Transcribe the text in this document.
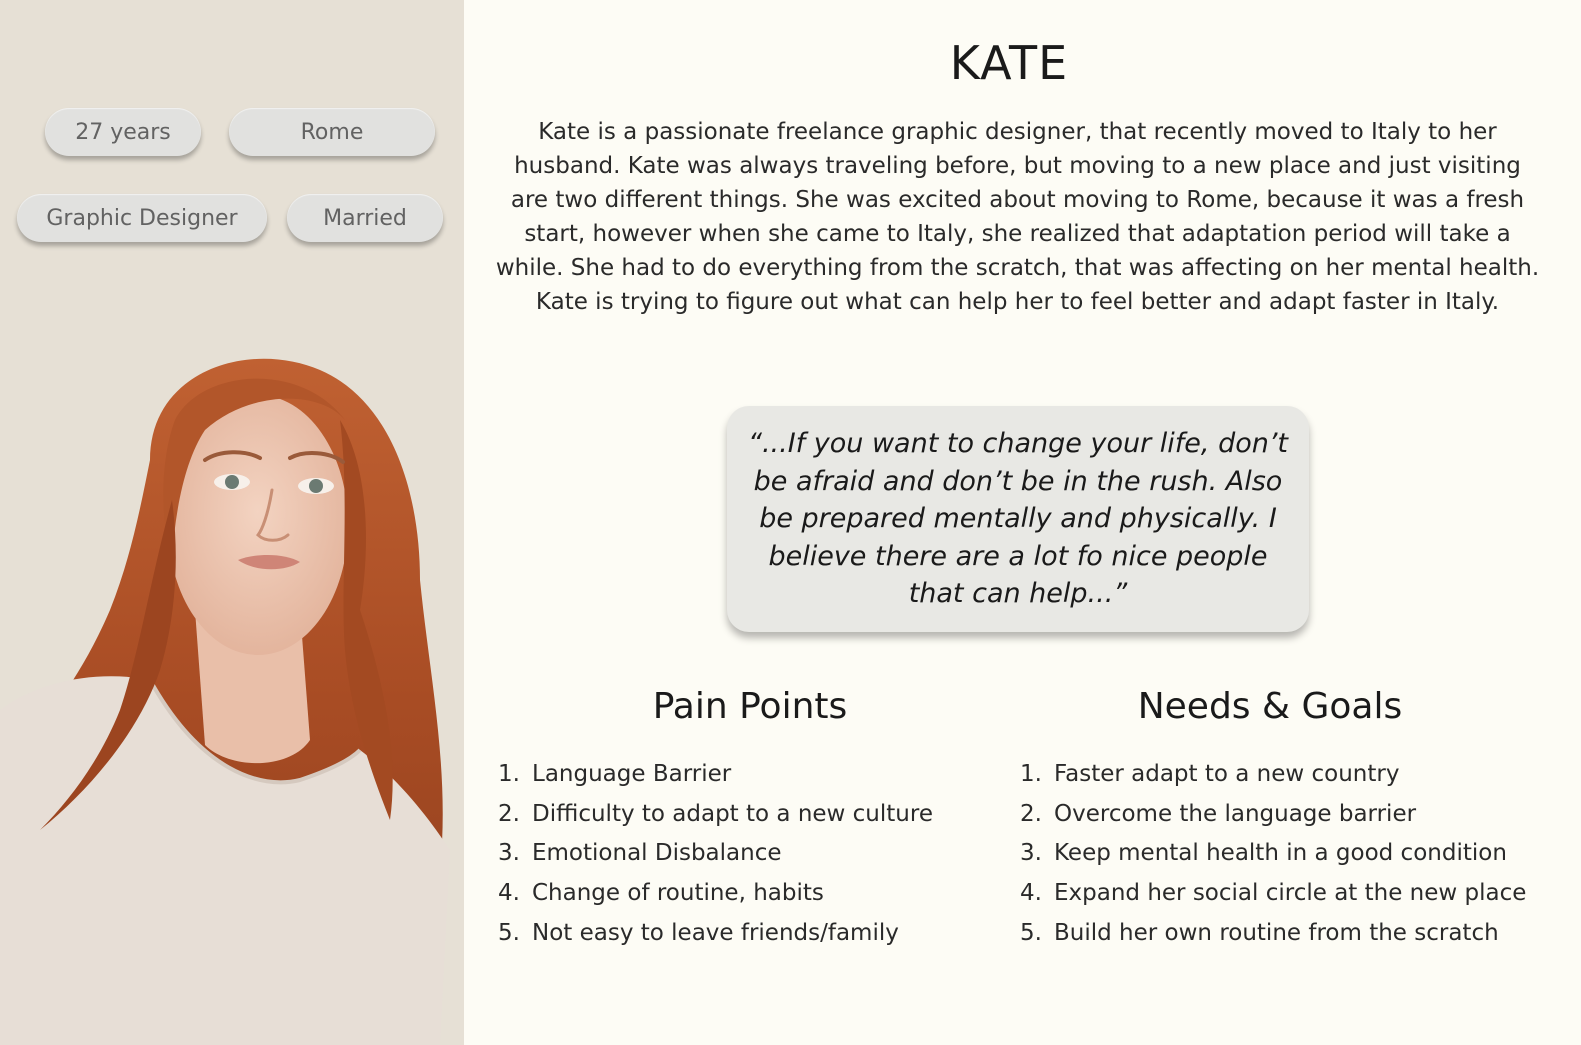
27 years	Rome
Graphic Designer	Married
KATE

Kate is a passionate freelance graphic designer, that recently moved to Italy to her husband. Kate was always traveling before, but moving to a new place and just visiting are two different things. She was excited about moving to Rome, because it was a fresh start, however when she came to Italy, she realized that adaptation period will take a while. She had to do everything from the scratch, that was affecting on her mental health. Kate is trying to figure out what can help her to feel better and adapt faster in Italy.

“...If you want to change your life, don’t be afraid and don’t be in the rush. Also be prepared mentally and physically. I believe there are a lot fo nice people that can help...”

Pain Points
1. Language Barrier
2. Difficulty to adapt to a new culture
3. Emotional Disbalance
4. Change of routine, habits
5. Not easy to leave friends/family
Needs & Goals
1. Faster adapt to a new country
2. Overcome the language barrier
3. Keep mental health in a good condition
4. Expand her social circle at the new place
5. Build her own routine from the scratch
